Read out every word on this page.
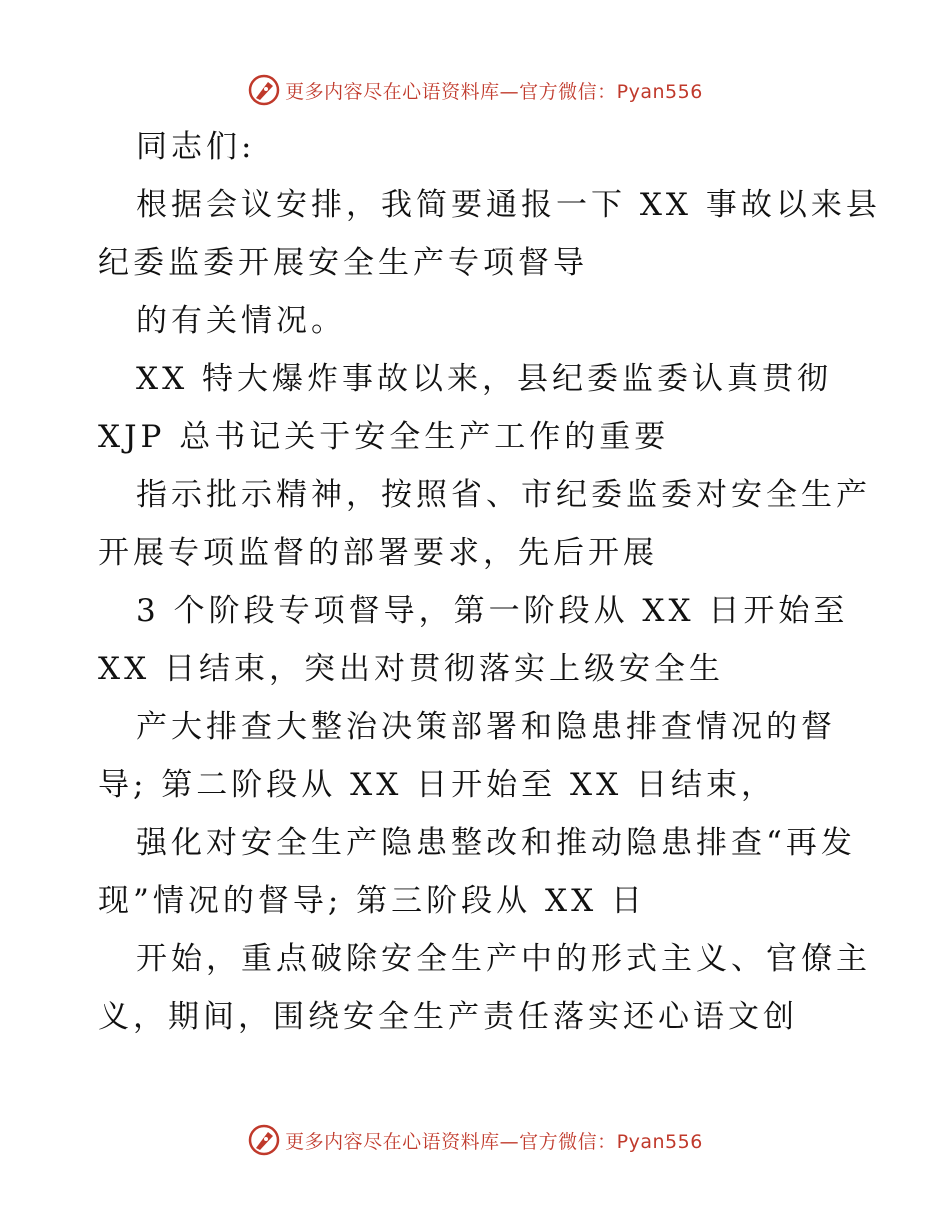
更多内容尽在心语资料库—官方微信：Pyan556
同志们:
根据会议安排，我简要通报一下 XX 事故以来县
纪委监委开展安全生产专项督导
的有关情况。
XX 特大爆炸事故以来，县纪委监委认真贯彻
XJP 总书记关于安全生产工作的重要
指示批示精神，按照省、市纪委监委对安全生产
开展专项监督的部署要求，先后开展
3 个阶段专项督导，第一阶段从 XX 日开始至
XX 日结束，突出对贯彻落实上级安全生
产大排查大整治决策部署和隐患排查情况的督
导; 第二阶段从 XX 日开始至 XX 日结束，
强化对安全生产隐患整改和推动隐患排查“再发
现”情况的督导; 第三阶段从 XX 日
开始，重点破除安全生产中的形式主义、官僚主
义，期间，围绕安全生产责任落实还心语文创
更多内容尽在心语资料库—官方微信：Pyan556
